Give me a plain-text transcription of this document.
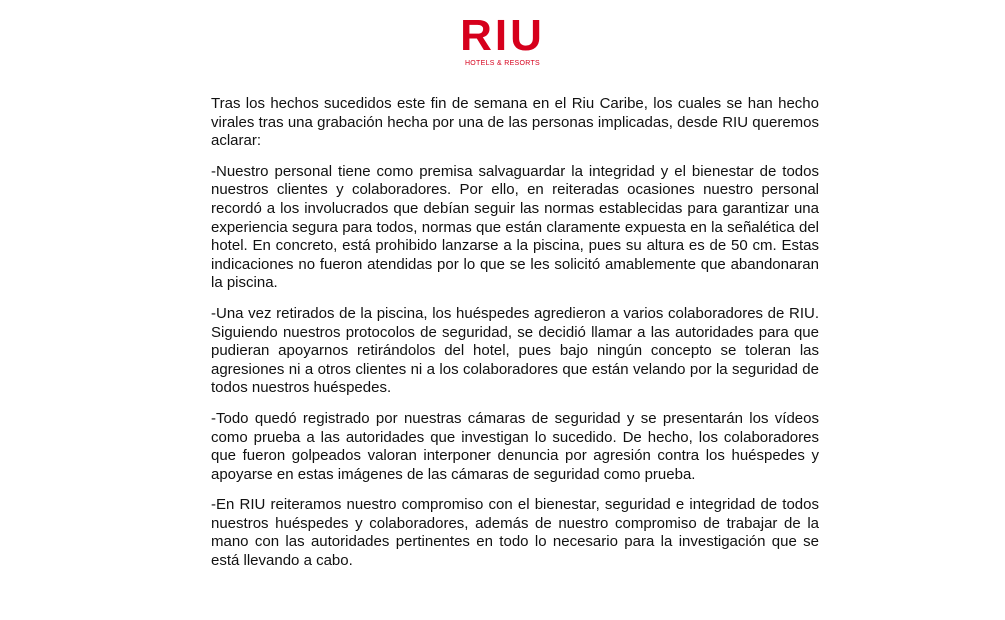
RIU
HOTELS & RESORTS

Tras los hechos sucedidos este fin de semana en el Riu Caribe, los cuales se han hecho virales tras una grabación hecha por una de las personas implicadas, desde RIU queremos aclarar:

-Nuestro personal tiene como premisa salvaguardar la integridad y el bienestar de todos nuestros clientes y colaboradores. Por ello, en reiteradas ocasiones nuestro personal recordó a los involucrados que debían seguir las normas establecidas para garantizar una experiencia segura para todos, normas que están claramente expuesta en la señalética del hotel. En concreto, está prohibido lanzarse a la piscina, pues su altura es de 50 cm. Estas indicaciones no fueron atendidas por lo que se les solicitó amablemente que abandonaran la piscina.

-Una vez retirados de la piscina, los huéspedes agredieron a varios colaboradores de RIU. Siguiendo nuestros protocolos de seguridad, se decidió llamar a las autoridades para que pudieran apoyarnos retirándolos del hotel, pues bajo ningún concepto se toleran las agresiones ni a otros clientes ni a los colaboradores que están velando por la seguridad de todos nuestros huéspedes.

-Todo quedó registrado por nuestras cámaras de seguridad y se presentarán los vídeos como prueba a las autoridades que investigan lo sucedido. De hecho, los colaboradores que fueron golpeados valoran interponer denuncia por agresión contra los huéspedes y apoyarse en estas imágenes de las cámaras de seguridad como prueba.

-En RIU reiteramos nuestro compromiso con el bienestar, seguridad e integridad de todos nuestros huéspedes y colaboradores, además de nuestro compromiso de trabajar de la mano con las autoridades pertinentes en todo lo necesario para la investigación que se está llevando a cabo.
